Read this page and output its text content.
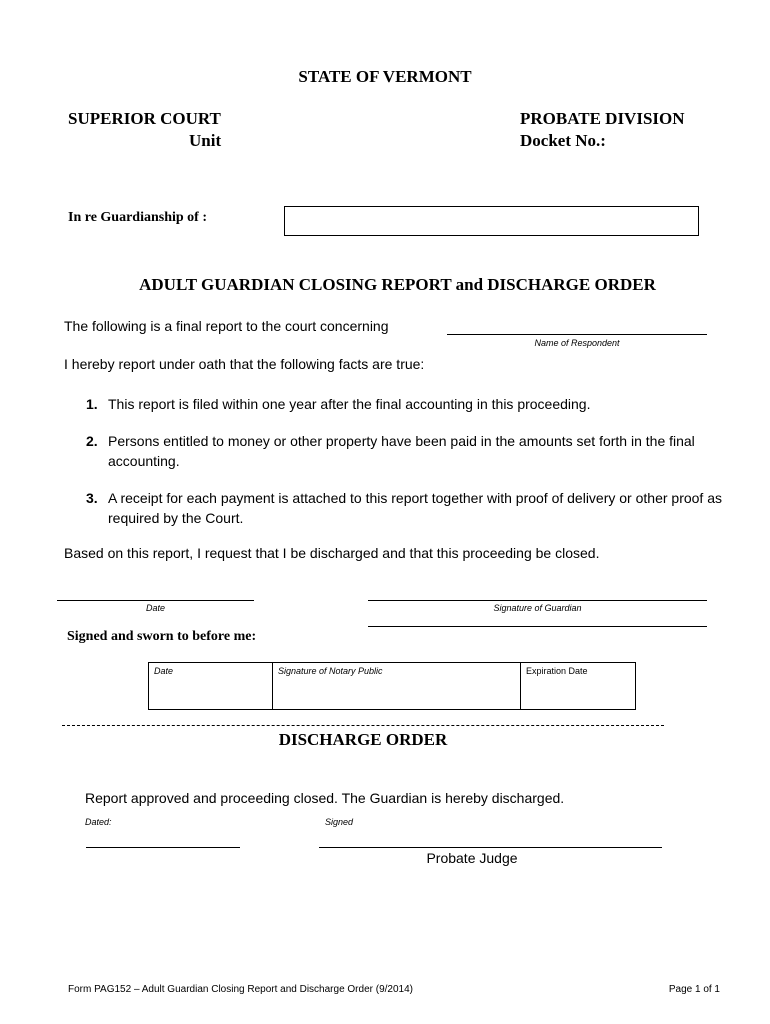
STATE OF VERMONT
SUPERIOR COURT
Unit
PROBATE DIVISION
Docket No.:
In re Guardianship of :
ADULT GUARDIAN CLOSING REPORT and DISCHARGE ORDER
The following is a final report to the court concerning
Name of Respondent
I hereby report under oath that the following facts are true:
1. This report is filed within one year after the final accounting in this proceeding.
2. Persons entitled to money or other property have been paid in the amounts set forth in the final accounting.
3. A receipt for each payment is attached to this report together with proof of delivery or other proof as required by the Court.
Based on this report, I request that I be discharged and that this proceeding be closed.
Date	Signature of Guardian
Signed and sworn to before me:
Date	Signature of Notary Public	Expiration Date
DISCHARGE ORDER
Report approved and proceeding closed. The Guardian is hereby discharged.
Dated:	Signed
Probate Judge
Form PAG152 – Adult Guardian Closing Report and Discharge Order (9/2014)	Page 1 of 1
